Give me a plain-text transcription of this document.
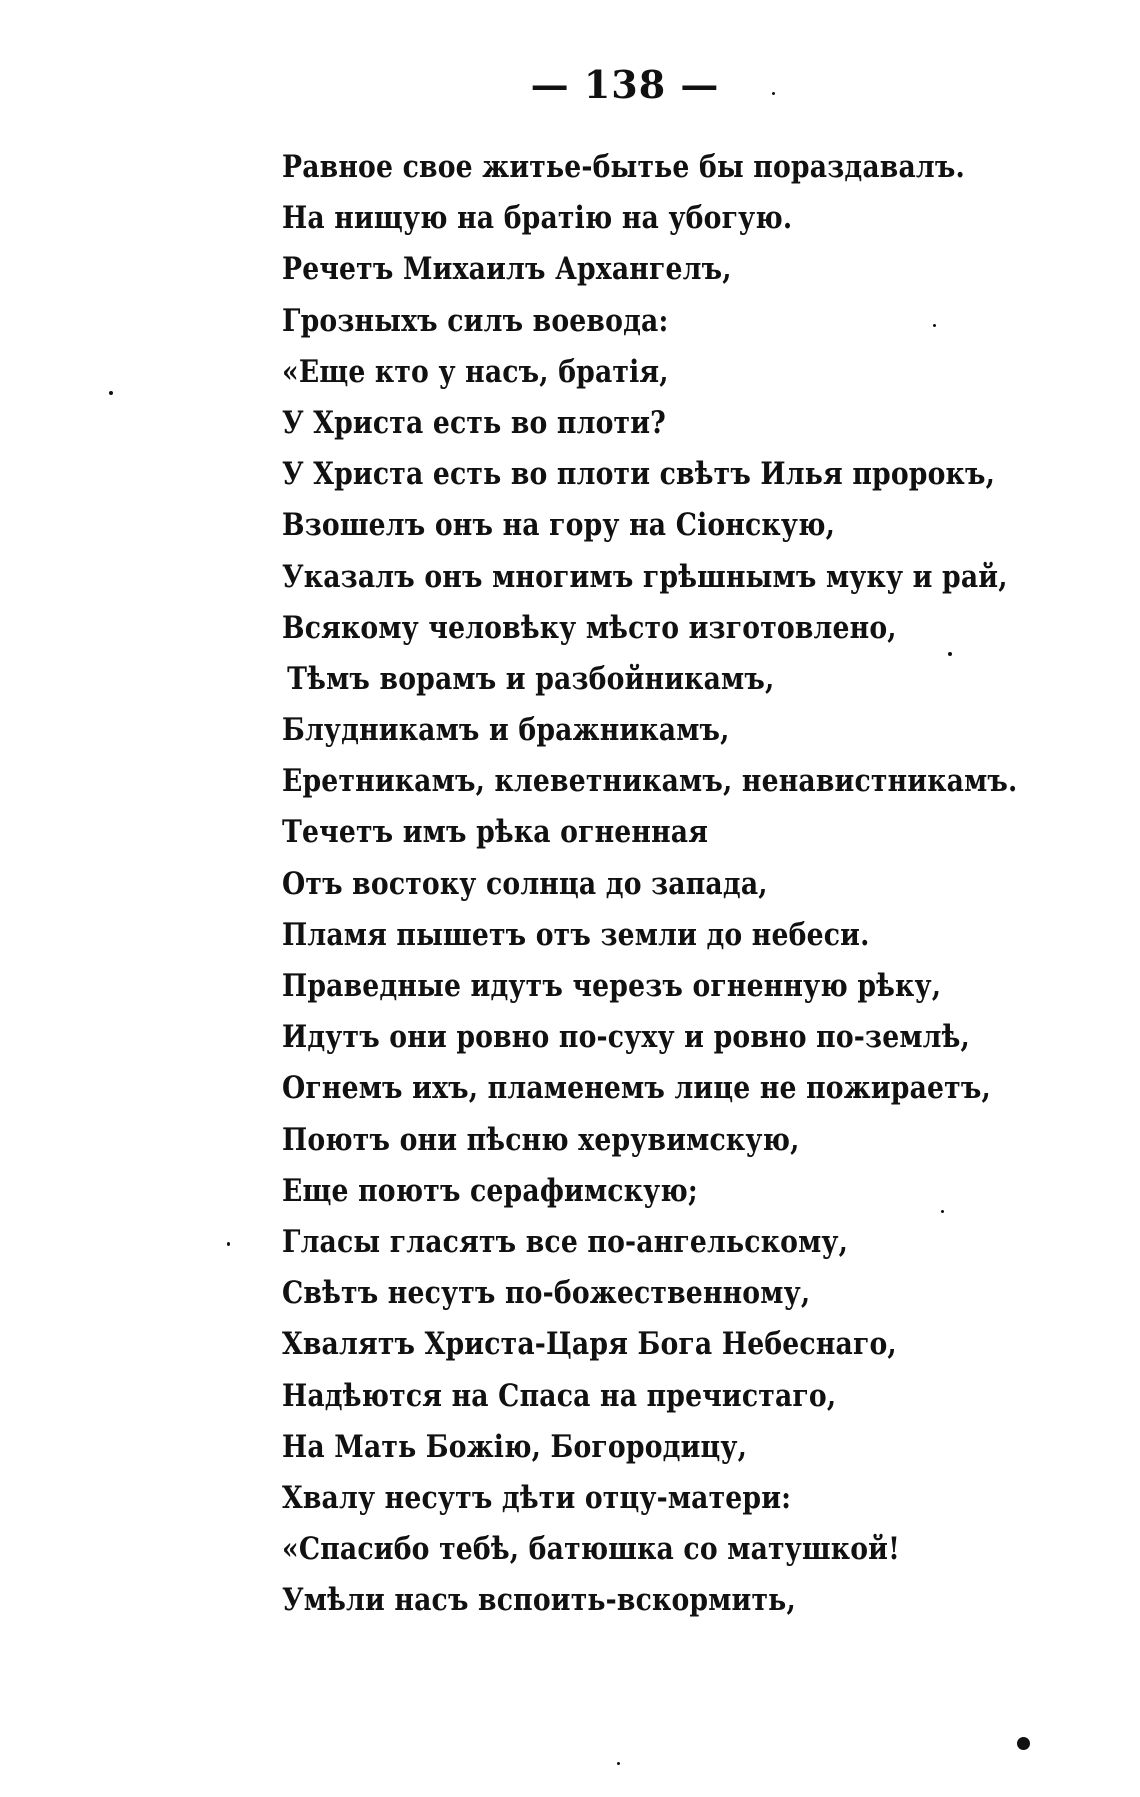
— 138 —
Равное свое житье-бытье бы пораздавалъ.
На нищую на братію на убогую.
Речетъ Михаилъ Архангелъ,
Грозныхъ силъ воевода:
«Еще кто у насъ, братія,
У Христа есть во плоти?
У Христа есть во плоти свѣтъ Илья пророкъ,
Взошелъ онъ на гору на Сіонскую,
Указалъ онъ многимъ грѣшнымъ муку и рай,
Всякому человѣку мѣсто изготовлено,
Тѣмъ ворамъ и разбойникамъ,
Блудникамъ и бражникамъ,
Еретникамъ, клеветникамъ, ненавистникамъ.
Течетъ имъ рѣка огненная
Отъ востоку солнца до запада,
Пламя пышетъ отъ земли до небеси.
Праведные идутъ черезъ огненную рѣку,
Идутъ они ровно по-суху и ровно по-землѣ,
Огнемъ ихъ, пламенемъ лице не пожираетъ,
Поютъ они пѣсню херувимскую,
Еще поютъ серафимскую;
Гласы гласятъ все по-ангельскому,
Свѣтъ несутъ по-божественному,
Хвалятъ Христа-Царя Бога Небеснаго,
Надѣются на Спаса на пречистаго,
На Мать Божію, Богородицу,
Хвалу несутъ дѣти отцу-матери:
«Спасибо тебѣ, батюшка со матушкой!
Умѣли насъ вспоить-вскормить,
